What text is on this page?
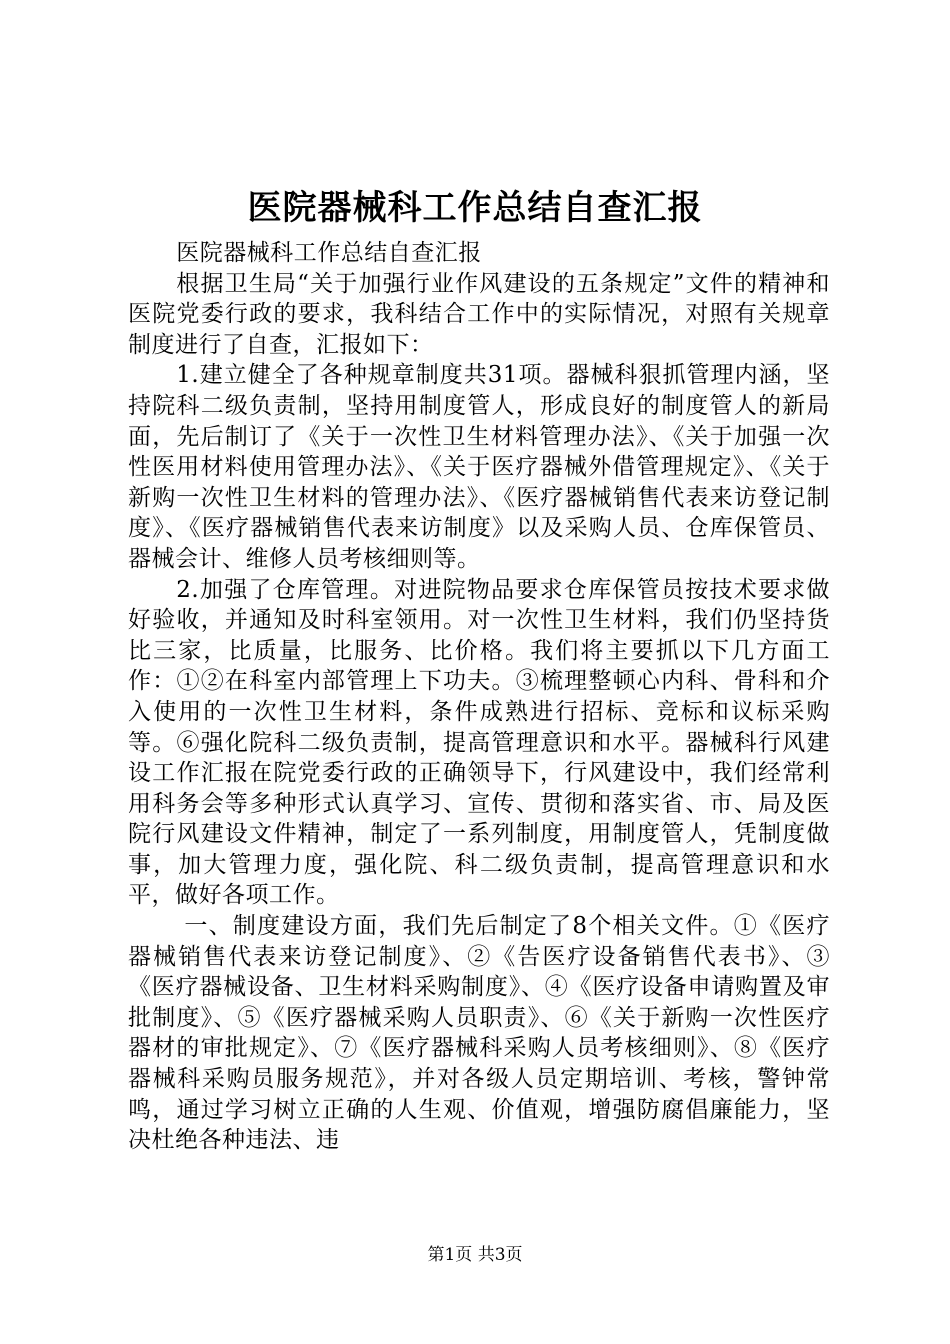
医院器械科工作总结自查汇报

医院器械科工作总结自查汇报

根据卫生局“关于加强行业作风建设的五条规定”文件的精神和医院党委行政的要求，我科结合工作中的实际情况，对照有关规章制度进行了自查，汇报如下：

1.建立健全了各种规章制度共31项。器械科狠抓管理内涵，坚持院科二级负责制，坚持用制度管人，形成良好的制度管人的新局面，先后制订了《关于一次性卫生材料管理办法》、《关于加强一次性医用材料使用管理办法》、《关于医疗器械外借管理规定》、《关于新购一次性卫生材料的管理办法》、《医疗器械销售代表来访登记制度》、《医疗器械销售代表来访制度》以及采购人员、仓库保管员、器械会计、维修人员考核细则等。

2.加强了仓库管理。对进院物品要求仓库保管员按技术要求做好验收，并通知及时科室领用。对一次性卫生材料，我们仍坚持货比三家，比质量，比服务、比价格。我们将主要抓以下几方面工作：①②在科室内部管理上下功夫。③梳理整顿心内科、骨科和介入使用的一次性卫生材料，条件成熟进行招标、竞标和议标采购等。⑥强化院科二级负责制，提高管理意识和水平。器械科行风建设工作汇报在院党委行政的正确领导下，行风建设中，我们经常利用科务会等多种形式认真学习、宣传、贯彻和落实省、市、局及医院行风建设文件精神，制定了一系列制度，用制度管人，凭制度做事，加大管理力度，强化院、科二级负责制，提高管理意识和水平，做好各项工作。

一、制度建设方面，我们先后制定了8个相关文件。①《医疗器械销售代表来访登记制度》、②《告医疗设备销售代表书》、③《医疗器械设备、卫生材料采购制度》、④《医疗设备申请购置及审批制度》、⑤《医疗器械采购人员职责》、⑥《关于新购一次性医疗器材的审批规定》、⑦《医疗器械科采购人员考核细则》、⑧《医疗器械科采购员服务规范》，并对各级人员定期培训、考核，警钟常鸣，通过学习树立正确的人生观、价值观，增强防腐倡廉能力，坚决杜绝各种违法、违

第1页 共3页
